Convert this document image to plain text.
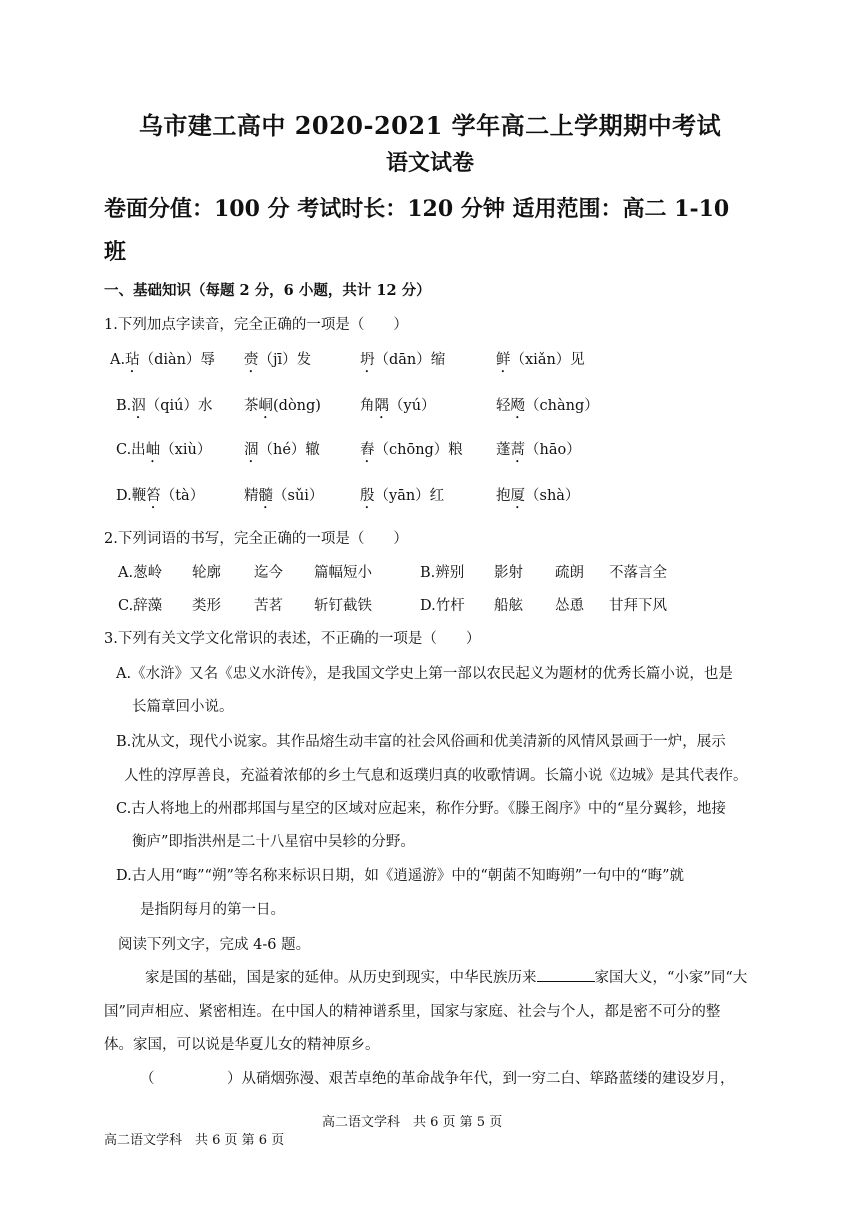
乌市建工高中 2020-2021 学年高二上学期期中考试
语文试卷
卷面分值：100 分 考试时长：120 分钟 适用范围：高二 1-10
班
一、基础知识（每题 2 分，6 小题，共计 12 分）
1.下列加点字读音，完全正确的一项是（　　）
A.玷（diàn）辱 赍（jī）发	坍（dān）缩	鲜（xiǎn）见
B.泅（qiú）水 茶峒(dòng)	角隅（yú）	轻飏（chàng）
C.出岫（xiù） 涸（hé）辙	舂（chōng）粮 蓬蒿（hāo）
D.鞭笞（tà）	精髓（sǔi）	殷（yān）红	抱厦（shà）
2.下列词语的书写，完全正确的一项是（　　）
A.葱岭 轮廓 迄今 篇幅短小	B.辨别 影射 疏朗 不落言全
C.辞藻 类形 苦茗 斩钉截铁	D.竹杆 船舷 怂恿 甘拜下风
3.下列有关文学文化常识的表述，不正确的一项是（　　）
A.《水浒》又名《忠义水浒传》，是我国文学史上第一部以农民起义为题材的优秀长篇小说，也是
长篇章回小说。
B.沈从文，现代小说家。其作品熔生动丰富的社会风俗画和优美清新的风情风景画于一炉，展示
人性的淳厚善良，充溢着浓郁的乡土气息和返璞归真的收歌情调。长篇小说《边城》是其代表作。
C.古人将地上的州郡邦国与星空的区域对应起来，称作分野。《滕王阁序》中的“星分翼轸，地接
衡庐”即指洪州是二十八星宿中吴轸的分野。
D.古人用“晦”“朔”等名称来标识日期，如《逍遥游》中的“朝菌不知晦朔”一句中的“晦”就
是指阴每月的第一日。
阅读下列文字，完成 4-6 题。
家是国的基础，国是家的延伸。从历史到现实，中华民族历来	家国大义，“小家”同“大
国”同声相应、紧密相连。在中国人的精神谱系里，国家与家庭、社会与个人，都是密不可分的整
体。家国，可以说是华夏儿女的精神原乡。
（　　　　　）从硝烟弥漫、艰苦卓绝的革命战争年代，到一穷二白、筚路蓝缕的建设岁月，
高二语文学科　共 6 页 第 5 页
高二语文学科　共 6 页 第 6 页
